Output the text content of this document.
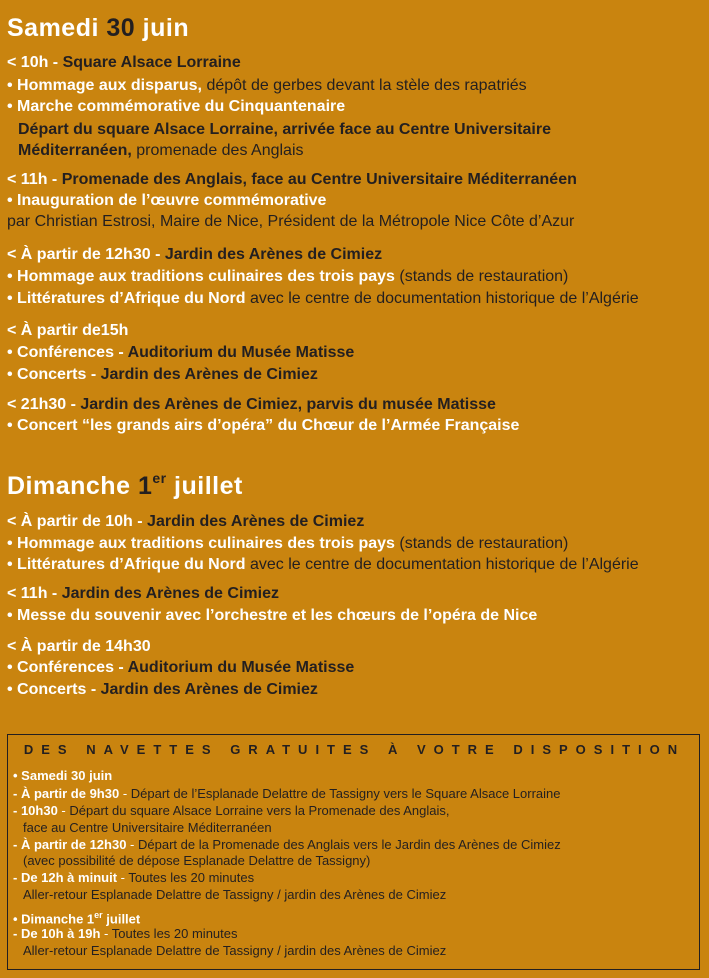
Samedi 30 juin
< 10h - Square Alsace Lorraine
• Hommage aux disparus, dépôt de gerbes devant la stèle des rapatriés
• Marche commémorative du Cinquantenaire
Départ du square Alsace Lorraine, arrivée face au Centre Universitaire
Méditerranéen, promenade des Anglais
< 11h - Promenade des Anglais, face au Centre Universitaire Méditerranéen
• Inauguration de l’œuvre commémorative
par Christian Estrosi, Maire de Nice, Président de la Métropole Nice Côte d’Azur
< À partir de 12h30 - Jardin des Arènes de Cimiez
• Hommage aux traditions culinaires des trois pays (stands de restauration)
• Littératures d’Afrique du Nord avec le centre de documentation historique de l’Algérie
< À partir de15h
• Conférences - Auditorium du Musée Matisse
• Concerts - Jardin des Arènes de Cimiez
< 21h30 - Jardin des Arènes de Cimiez, parvis du musée Matisse
• Concert “les grands airs d’opéra” du Chœur de l’Armée Française
Dimanche 1er juillet
< À partir de 10h - Jardin des Arènes de Cimiez
• Hommage aux traditions culinaires des trois pays (stands de restauration)
• Littératures d’Afrique du Nord avec le centre de documentation historique de l’Algérie
< 11h - Jardin des Arènes de Cimiez
• Messe du souvenir avec l’orchestre et les chœurs de l’opéra de Nice
< À partir de 14h30
• Conférences - Auditorium du Musée Matisse
• Concerts - Jardin des Arènes de Cimiez
DES NAVETTES GRATUITES À VOTRE DISPOSITION
• Samedi 30 juin
- À partir de 9h30 - Départ de l’Esplanade Delattre de Tassigny vers le Square Alsace Lorraine
- 10h30 - Départ du square Alsace Lorraine vers la Promenade des Anglais,
face au Centre Universitaire Méditerranéen
- À partir de 12h30 - Départ de la Promenade des Anglais vers le Jardin des Arènes de Cimiez
(avec possibilité de dépose Esplanade Delattre de Tassigny)
- De 12h à minuit - Toutes les 20 minutes
Aller-retour Esplanade Delattre de Tassigny / jardin des Arènes de Cimiez
• Dimanche 1er juillet
- De 10h à 19h - Toutes les 20 minutes
Aller-retour Esplanade Delattre de Tassigny / jardin des Arènes de Cimiez
